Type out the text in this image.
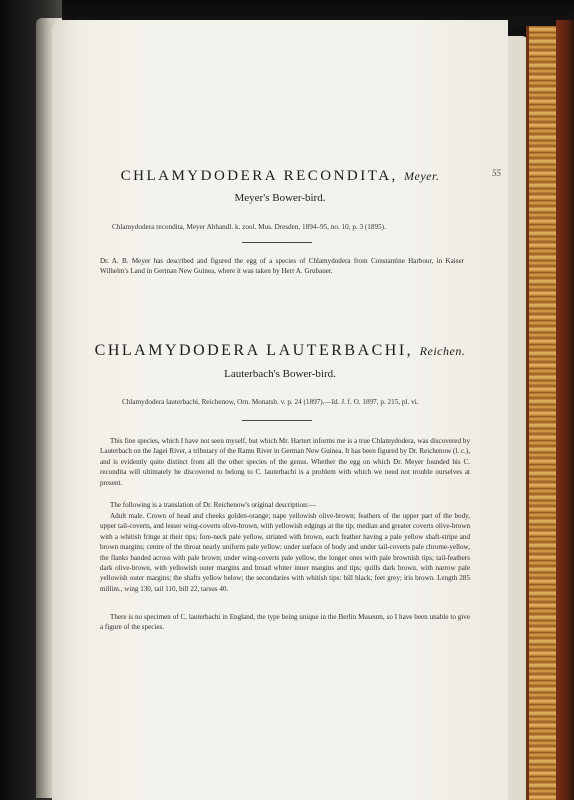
55
CHLAMYDODERA RECONDITA, Meyer.
Meyer's Bower-bird.
Chlamydodera recondita, Meyer Abhandl. k. zool. Mus. Dresden, 1894–95, no. 10, p. 3 (1895).
Dr. A. B. Meyer has described and figured the egg of a species of Chlamydodera from Constantine Harbour, in Kaiser Wilhelm's Land in German New Guinea, where it was taken by Herr A. Grubauer.
CHLAMYDODERA LAUTERBACHI, Reichen.
Lauterbach's Bower-bird.
Chlamydodera lauterbachi, Reichenow, Orn. Monatsb. v. p. 24 (1897).—Id. J. f. O. 1897, p. 215, pl. vi.
This fine species, which I have not seen myself, but which Mr. Hartert informs me is a true Chlamydodera, was discovered by Lauterbach on the Jagei River, a tributary of the Ramu River in German New Guinea. It has been figured by Dr. Reichenow (l. c.), and is evidently quite distinct from all the other species of the genus. Whether the egg on which Dr. Meyer founded his C. recondita will ultimately be discovered to belong to C. lauterbachi is a problem with which we need not trouble ourselves at present.
The following is a translation of Dr. Reichenow's original description:—
Adult male. Crown of head and cheeks golden-orange; nape yellowish olive-brown; feathers of the upper part of the body, upper tail-coverts, and lesser wing-coverts olive-brown, with yellowish edgings at the tip; median and greater coverts olive-brown with a whitish fringe at their tips; fore-neck pale yellow, striated with brown, each feather having a pale yellow shaft-stripe and brown margins; centre of the throat nearly uniform pale yellow; under surface of body and under tail-coverts pale chrome-yellow, the flanks banded across with pale brown; under wing-coverts pale yellow, the longer ones with pale brownish tips; tail-feathers dark olive-brown, with yellowish outer margins and broad whiter inner margins and tips; quills dark brown, with narrow pale yellowish outer margins; the shafts yellow below; the secondaries with whitish tips: bill black; feet grey; iris brown. Length 285 millim., wing 130, tail 110, bill 22, tarsus 40.
There is no specimen of C. lauterbachi in England, the type being unique in the Berlin Museum, so I have been unable to give a figure of the species.
